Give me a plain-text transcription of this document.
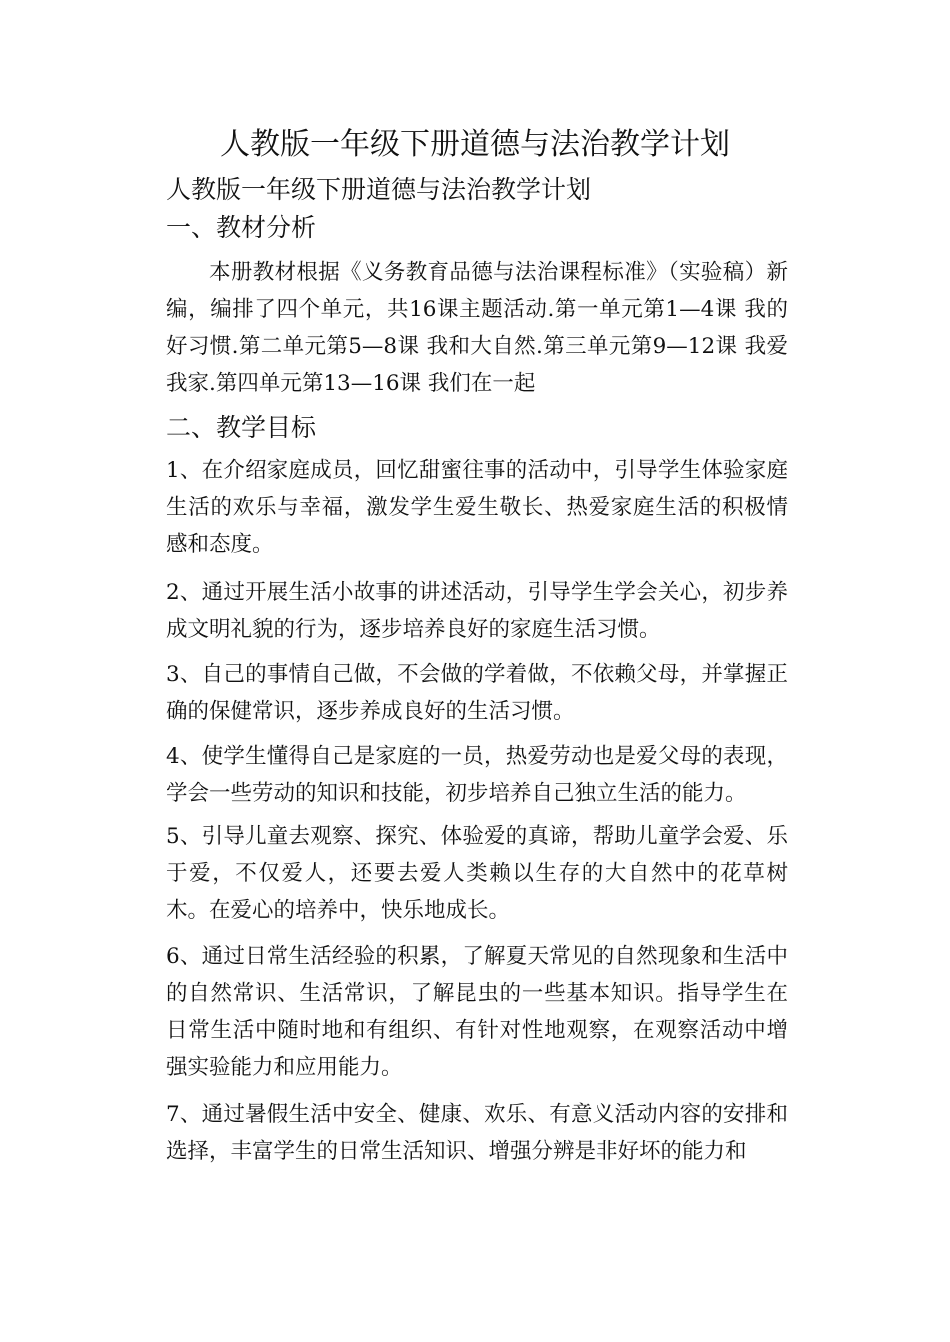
人教版一年级下册道德与法治教学计划
人教版一年级下册道德与法治教学计划
一、教材分析

本册教材根据《义务教育品德与法治课程标准》（实验稿）新编，编排了四个单元，共16课主题活动.第一单元第1—4课 我的好习惯.第二单元第5—8课 我和大自然.第三单元第9—12课 我爱我家.第四单元第13—16课 我们在一起

二、教学目标

1、在介绍家庭成员，回忆甜蜜往事的活动中，引导学生体验家庭生活的欢乐与幸福，激发学生爱生敬长、热爱家庭生活的积极情感和态度。

2、通过开展生活小故事的讲述活动，引导学生学会关心，初步养成文明礼貌的行为，逐步培养良好的家庭生活习惯。

3、自己的事情自己做，不会做的学着做，不依赖父母，并掌握正确的保健常识，逐步养成良好的生活习惯。

4、使学生懂得自己是家庭的一员，热爱劳动也是爱父母的表现，学会一些劳动的知识和技能，初步培养自己独立生活的能力。

5、引导儿童去观察、探究、体验爱的真谛，帮助儿童学会爱、乐于爱，不仅爱人，还要去爱人类赖以生存的大自然中的花草树木。在爱心的培养中，快乐地成长。

6、通过日常生活经验的积累，了解夏天常见的自然现象和生活中的自然常识、生活常识，了解昆虫的一些基本知识。指导学生在日常生活中随时地和有组织、有针对性地观察，在观察活动中增强实验能力和应用能力。

7、通过暑假生活中安全、健康、欢乐、有意义活动内容的安排和选择，丰富学生的日常生活知识、增强分辨是非好坏的能力和
